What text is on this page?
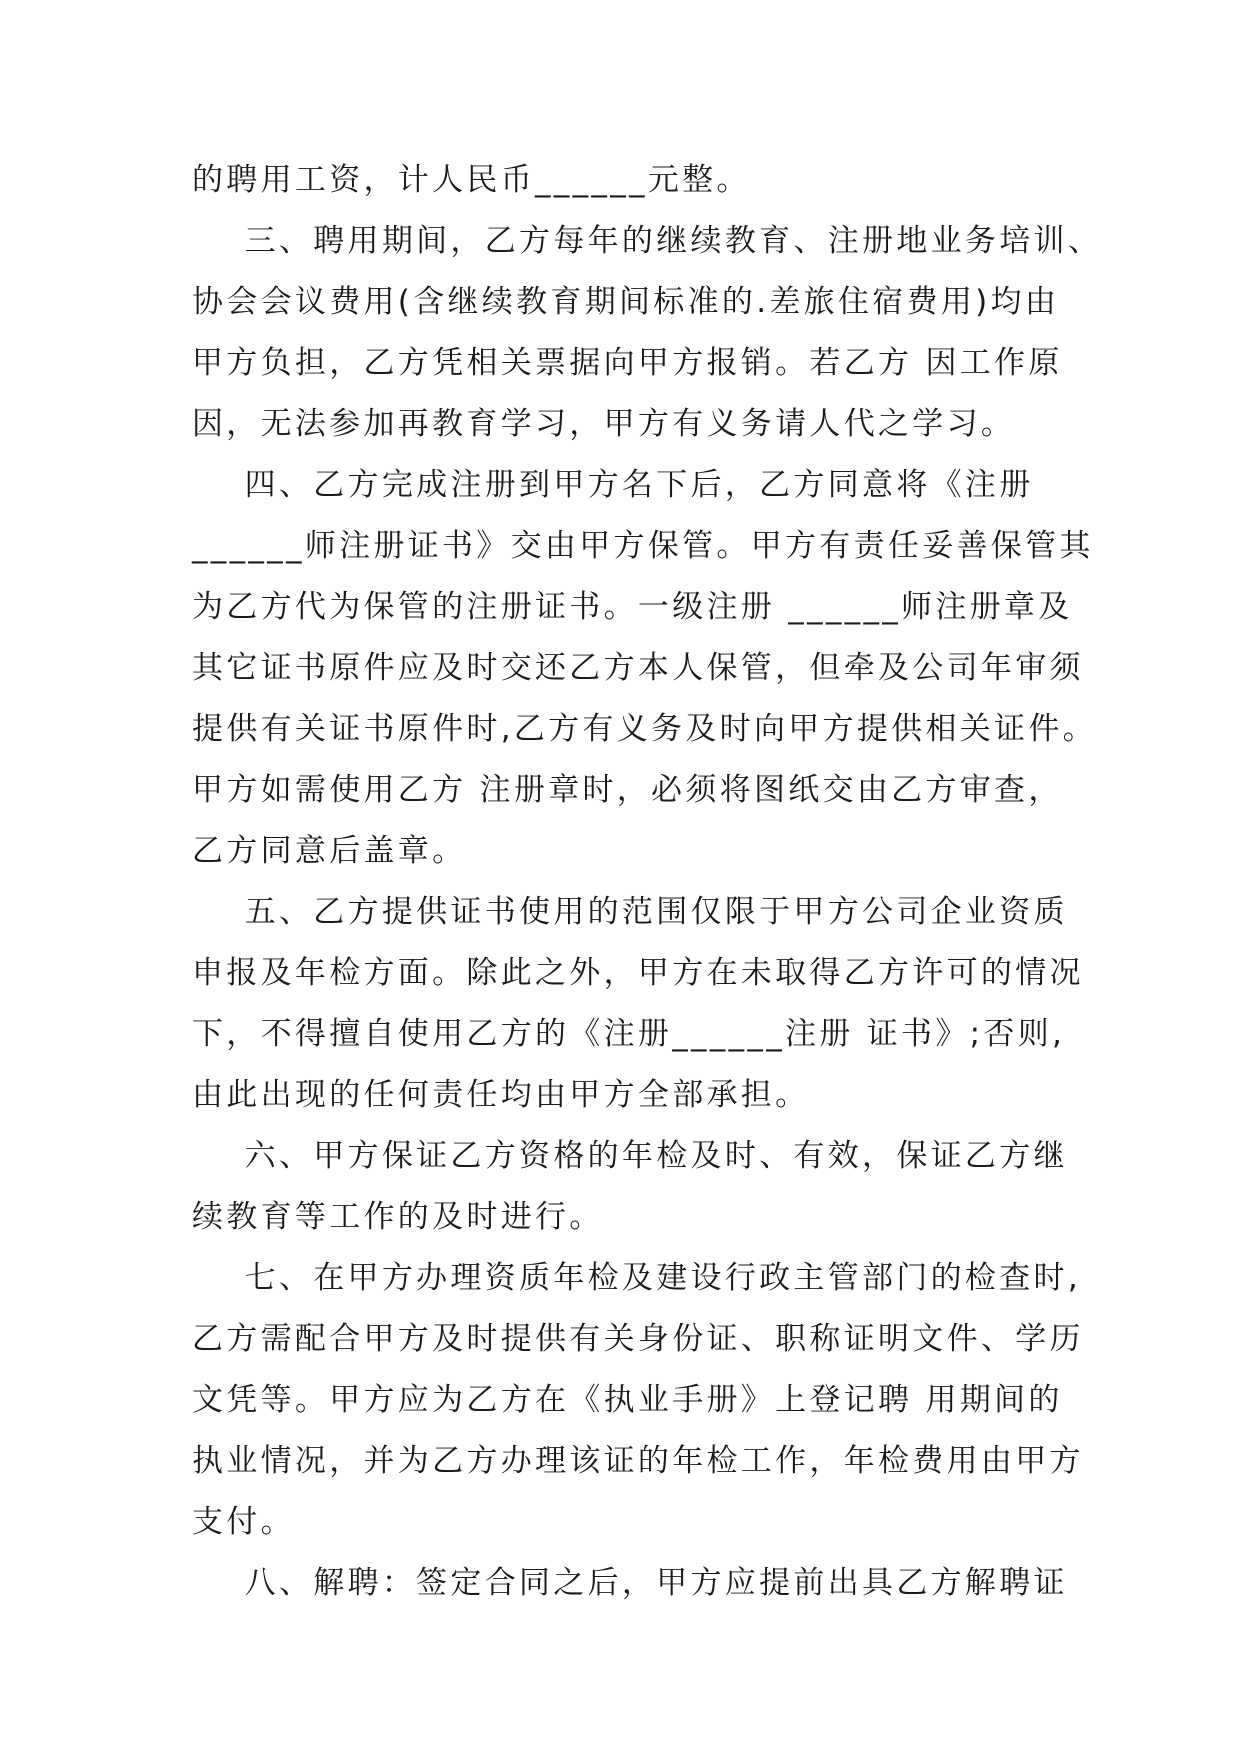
的聘用工资，计人民币______元整。
三、聘用期间，乙方每年的继续教育、注册地业务培训、
协会会议费用(含继续教育期间标准的.差旅住宿费用)均由
甲方负担，乙方凭相关票据向甲方报销。若乙方 因工作原
因，无法参加再教育学习，甲方有义务请人代之学习。
四、乙方完成注册到甲方名下后，乙方同意将《注册
______师注册证书》交由甲方保管。甲方有责任妥善保管其
为乙方代为保管的注册证书。一级注册 ______师注册章及
其它证书原件应及时交还乙方本人保管，但牵及公司年审须
提供有关证书原件时,乙方有义务及时向甲方提供相关证件。
甲方如需使用乙方 注册章时，必须将图纸交由乙方审查，
乙方同意后盖章。
五、乙方提供证书使用的范围仅限于甲方公司企业资质
申报及年检方面。除此之外，甲方在未取得乙方许可的情况
下，不得擅自使用乙方的《注册______注册 证书》;否则,
由此出现的任何责任均由甲方全部承担。
六、甲方保证乙方资格的年检及时、有效，保证乙方继
续教育等工作的及时进行。
七、在甲方办理资质年检及建设行政主管部门的检查时,
乙方需配合甲方及时提供有关身份证、职称证明文件、学历
文凭等。甲方应为乙方在《执业手册》上登记聘 用期间的
执业情况，并为乙方办理该证的年检工作，年检费用由甲方
支付。
八、解聘：签定合同之后，甲方应提前出具乙方解聘证
